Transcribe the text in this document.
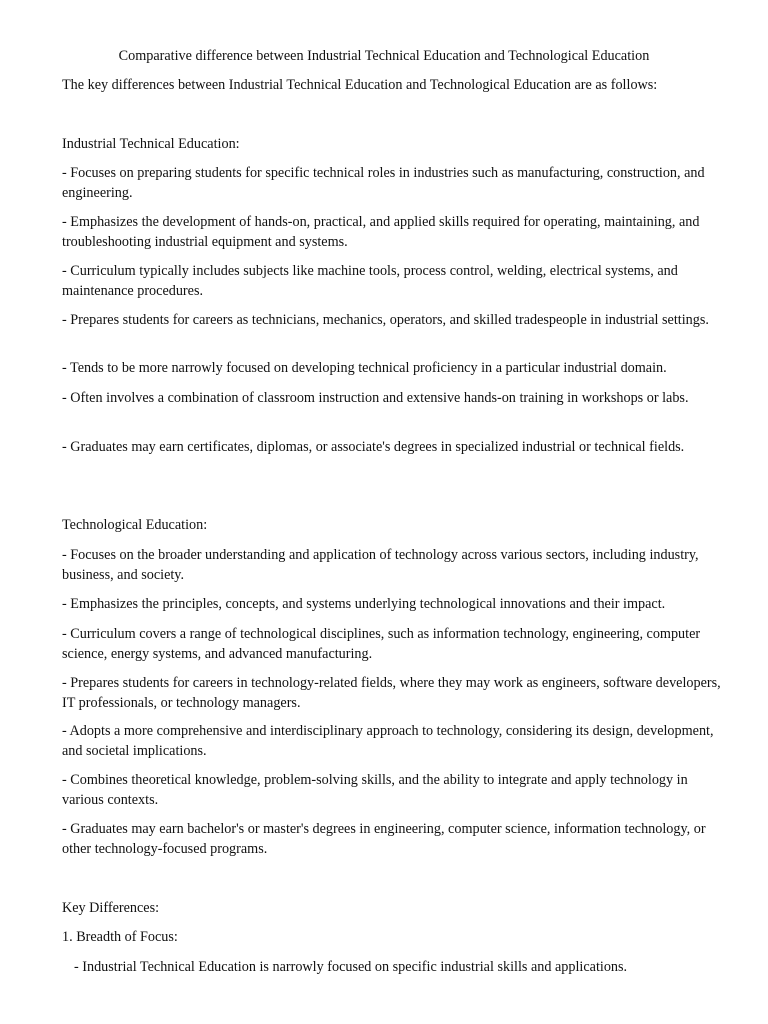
Comparative difference between Industrial Technical Education and Technological Education
The key differences between Industrial Technical Education and Technological Education are as follows:
Industrial Technical Education:
- Focuses on preparing students for specific technical roles in industries such as manufacturing, construction, and engineering.
- Emphasizes the development of hands-on, practical, and applied skills required for operating, maintaining, and troubleshooting industrial equipment and systems.
- Curriculum typically includes subjects like machine tools, process control, welding, electrical systems, and maintenance procedures.
- Prepares students for careers as technicians, mechanics, operators, and skilled tradespeople in industrial settings.
- Tends to be more narrowly focused on developing technical proficiency in a particular industrial domain.
- Often involves a combination of classroom instruction and extensive hands-on training in workshops or labs.
- Graduates may earn certificates, diplomas, or associate's degrees in specialized industrial or technical fields.
Technological Education:
- Focuses on the broader understanding and application of technology across various sectors, including industry, business, and society.
- Emphasizes the principles, concepts, and systems underlying technological innovations and their impact.
- Curriculum covers a range of technological disciplines, such as information technology, engineering, computer science, energy systems, and advanced manufacturing.
- Prepares students for careers in technology-related fields, where they may work as engineers, software developers, IT professionals, or technology managers.
- Adopts a more comprehensive and interdisciplinary approach to technology, considering its design, development, and societal implications.
- Combines theoretical knowledge, problem-solving skills, and the ability to integrate and apply technology in various contexts.
- Graduates may earn bachelor's or master's degrees in engineering, computer science, information technology, or other technology-focused programs.
Key Differences:
1. Breadth of Focus:
- Industrial Technical Education is narrowly focused on specific industrial skills and applications.
